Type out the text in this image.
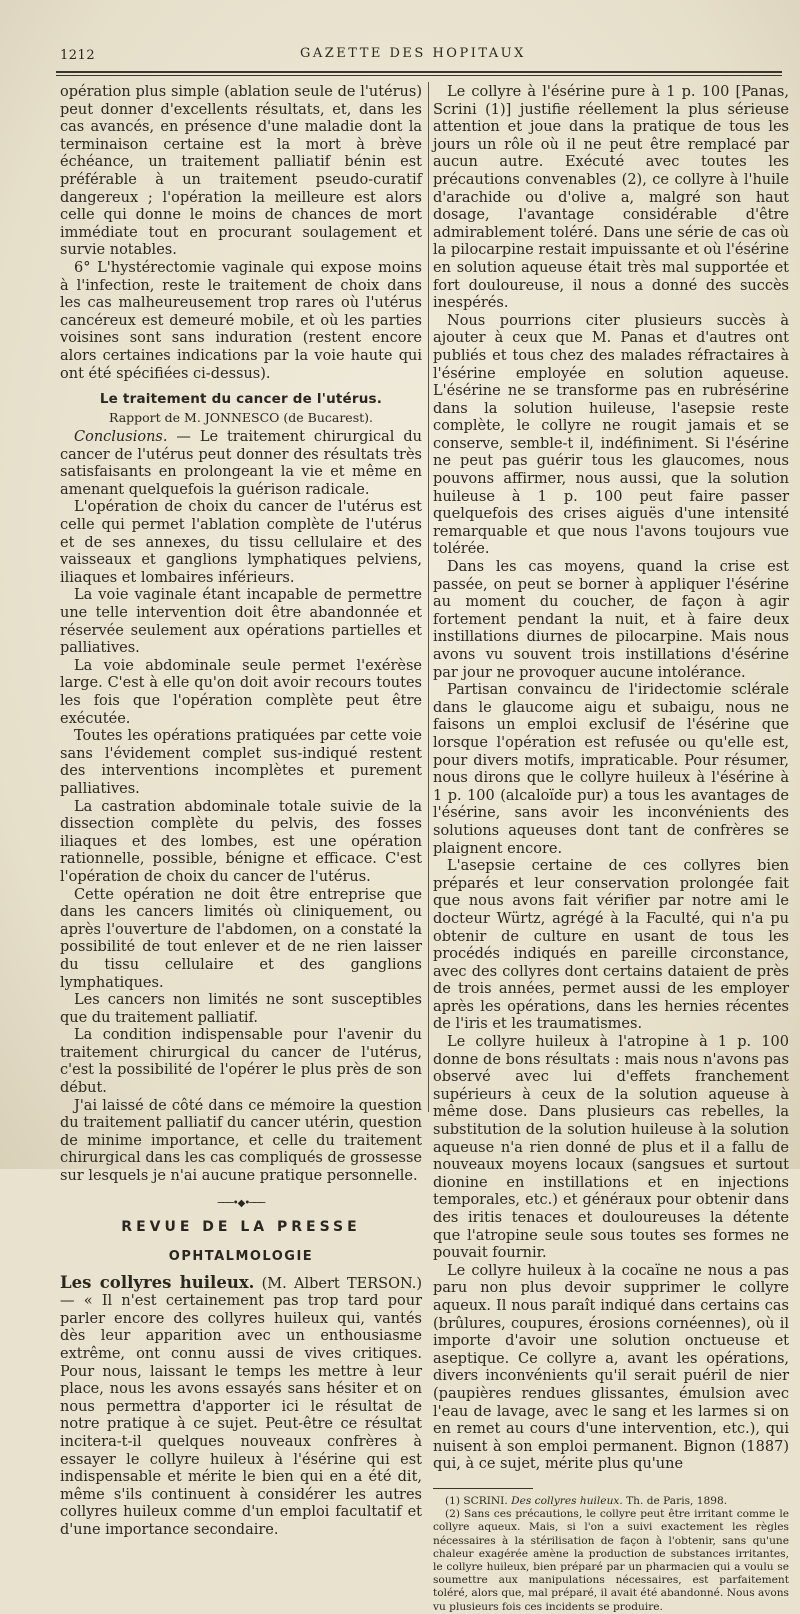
1212	GAZETTE DES HOPITAUX

opération plus simple (ablation seule de l'utérus) peut donner d'excellents résultats, et, dans les cas avancés, en présence d'une maladie dont la terminaison certaine est la mort à brève échéance, un traitement palliatif bénin est préférable à un traitement pseudo-curatif dangereux ; l'opération la meilleure est alors celle qui donne le moins de chances de mort immédiate tout en procurant soulagement et survie notables.

6° L'hystérectomie vaginale qui expose moins à l'infection, reste le traitement de choix dans les cas malheureusement trop rares où l'utérus cancéreux est demeuré mobile, et où les parties voisines sont sans induration (restent encore alors certaines indications par la voie haute qui ont été spécifiées ci-dessus).

Le traitement du cancer de l'utérus.
Rapport de M. JONNESCO (de Bucarest).

Conclusions. — Le traitement chirurgical du cancer de l'utérus peut donner des résultats très satisfaisants en prolongeant la vie et même en amenant quelquefois la guérison radicale.

L'opération de choix du cancer de l'utérus est celle qui permet l'ablation complète de l'utérus et de ses annexes, du tissu cellulaire et des vaisseaux et ganglions lymphatiques pelviens, iliaques et lombaires inférieurs.

La voie vaginale étant incapable de permettre une telle intervention doit être abandonnée et réservée seulement aux opérations partielles et palliatives.

La voie abdominale seule permet l'exérèse large. C'est à elle qu'on doit avoir recours toutes les fois que l'opération complète peut être exécutée.

Toutes les opérations pratiquées par cette voie sans l'évidement complet sus-indiqué restent des interventions incomplètes et purement palliatives.

La castration abdominale totale suivie de la dissection complète du pelvis, des fosses iliaques et des lombes, est une opération rationnelle, possible, bénigne et efficace. C'est l'opération de choix du cancer de l'utérus.

Cette opération ne doit être entreprise que dans les cancers limités où cliniquement, ou après l'ouverture de l'abdomen, on a constaté la possibilité de tout enlever et de ne rien laisser du tissu cellulaire et des ganglions lymphatiques.

Les cancers non limités ne sont susceptibles que du traitement palliatif.

La condition indispensable pour l'avenir du traitement chirurgical du cancer de l'utérus, c'est la possibilité de l'opérer le plus près de son début.

J'ai laissé de côté dans ce mémoire la question du traitement palliatif du cancer utérin, question de minime importance, et celle du traitement chirurgical dans les cas compliqués de grossesse sur lesquels je n'ai aucune pratique personnelle.

───•◆•───
REVUE DE LA PRESSE
OPHTALMOLOGIE

Les collyres huileux. (M. Albert TERSON.) — « Il n'est certainement pas trop tard pour parler encore des collyres huileux qui, vantés dès leur apparition avec un enthousiasme extrême, ont connu aussi de vives critiques. Pour nous, laissant le temps les mettre à leur place, nous les avons essayés sans hésiter et on nous permettra d'apporter ici le résultat de notre pratique à ce sujet. Peut-être ce résultat incitera-t-il quelques nouveaux confrères à essayer le collyre huileux à l'ésérine qui est indispensable et mérite le bien qui en a été dit, même s'ils continuent à considérer les autres collyres huileux comme d'un emploi facultatif et d'une importance secondaire.

Le collyre à l'ésérine pure à 1 p. 100 [Panas, Scrini (1)] justifie réellement la plus sérieuse attention et joue dans la pratique de tous les jours un rôle où il ne peut être remplacé par aucun autre. Exécuté avec toutes les précautions convenables (2), ce collyre à l'huile d'arachide ou d'olive a, malgré son haut dosage, l'avantage considérable d'être admirablement toléré. Dans une série de cas où la pilocarpine restait impuissante et où l'ésérine en solution aqueuse était très mal supportée et fort douloureuse, il nous a donné des succès inespérés.

Nous pourrions citer plusieurs succès à ajouter à ceux que M. Panas et d'autres ont publiés et tous chez des malades réfractaires à l'ésérine employée en solution aqueuse. L'ésérine ne se transforme pas en rubrésérine dans la solution huileuse, l'asepsie reste complète, le collyre ne rougit jamais et se conserve, semble-t il, indéfiniment. Si l'ésérine ne peut pas guérir tous les glaucomes, nous pouvons affirmer, nous aussi, que la solution huileuse à 1 p. 100 peut faire passer quelquefois des crises aiguës d'une intensité remarquable et que nous l'avons toujours vue tolérée.

Dans les cas moyens, quand la crise est passée, on peut se borner à appliquer l'ésérine au moment du coucher, de façon à agir fortement pendant la nuit, et à faire deux instillations diurnes de pilocarpine. Mais nous avons vu souvent trois instillations d'ésérine par jour ne provoquer aucune intolérance.

Partisan convaincu de l'iridectomie sclérale dans le glaucome aigu et subaigu, nous ne faisons un emploi exclusif de l'ésérine que lorsque l'opération est refusée ou qu'elle est, pour divers motifs, impraticable. Pour résumer, nous dirons que le collyre huileux à l'ésérine à 1 p. 100 (alcaloïde pur) a tous les avantages de l'ésérine, sans avoir les inconvénients des solutions aqueuses dont tant de confrères se plaignent encore.

L'asepsie certaine de ces collyres bien préparés et leur conservation prolongée fait que nous avons fait vérifier par notre ami le docteur Würtz, agrégé à la Faculté, qui n'a pu obtenir de culture en usant de tous les procédés indiqués en pareille circonstance, avec des collyres dont certains dataient de près de trois années, permet aussi de les employer après les opérations, dans les hernies récentes de l'iris et les traumatismes.

Le collyre huileux à l'atropine à 1 p. 100 donne de bons résultats : mais nous n'avons pas observé avec lui d'effets franchement supérieurs à ceux de la solution aqueuse à même dose. Dans plusieurs cas rebelles, la substitution de la solution huileuse à la solution aqueuse n'a rien donné de plus et il a fallu de nouveaux moyens locaux (sangsues et surtout dionine en instillations et en injections temporales, etc.) et généraux pour obtenir dans des iritis tenaces et douloureuses la détente que l'atropine seule sous toutes ses formes ne pouvait fournir.

Le collyre huileux à la cocaïne ne nous a pas paru non plus devoir supprimer le collyre aqueux. Il nous paraît indiqué dans certains cas (brûlures, coupures, érosions cornéennes), où il importe d'avoir une solution onctueuse et aseptique. Ce collyre a, avant les opérations, divers inconvénients qu'il serait puéril de nier (paupières rendues glissantes, émulsion avec l'eau de lavage, avec le sang et les larmes si on en remet au cours d'une intervention, etc.), qui nuisent à son emploi permanent. Bignon (1887) qui, à ce sujet, mérite plus qu'une

(1) SCRINI. Des collyres huileux. Th. de Paris, 1898.

(2) Sans ces précautions, le collyre peut être irritant comme le collyre aqueux. Mais, si l'on a suivi exactement les règles nécessaires à la stérilisation de façon à l'obtenir, sans qu'une chaleur exagérée amène la production de substances irritantes, le collyre huileux, bien préparé par un pharmacien qui a voulu se soumettre aux manipulations nécessaires, est parfaitement toléré, alors que, mal préparé, il avait été abandonné. Nous avons vu plusieurs fois ces incidents se produire.
